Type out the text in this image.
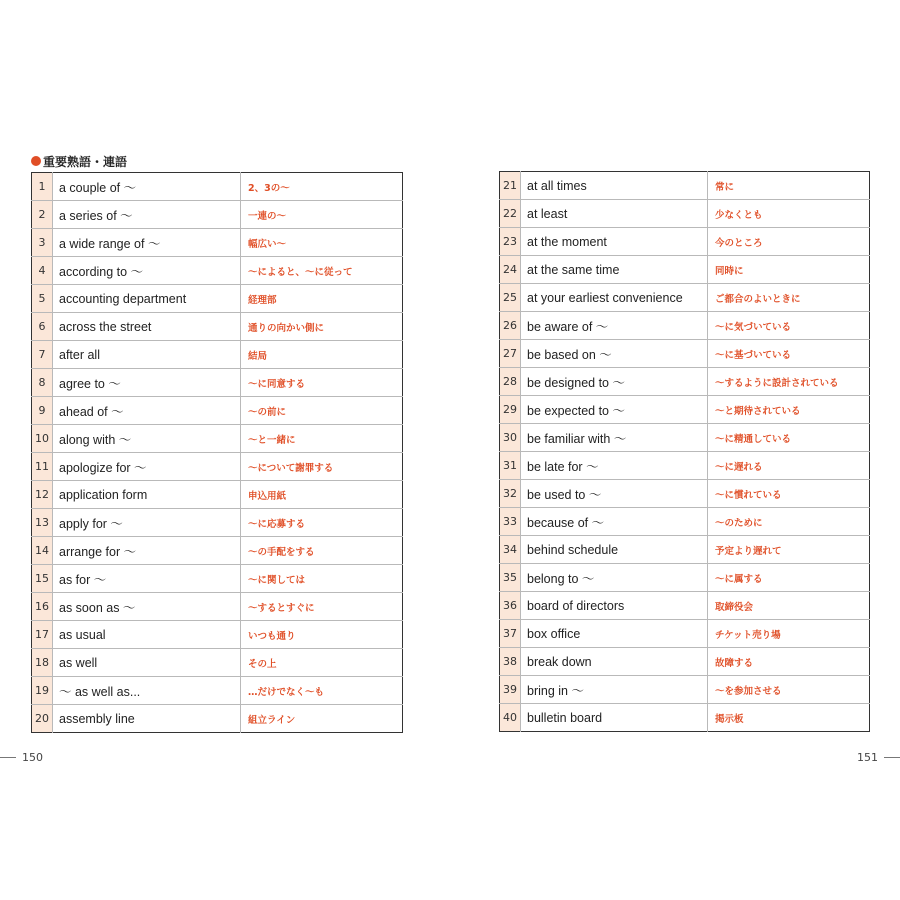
重要熟語・連語
1	a couple of ～	2、3の～
2	a series of ～	一連の～
3	a wide range of ～	幅広い～
4	according to ～	～によると、～に従って
5	accounting department	経理部
6	across the street	通りの向かい側に
7	after all	結局
8	agree to ～	～に同意する
9	ahead of ～	～の前に
10	along with ～	～と一緒に
11	apologize for ～	～について謝罪する
12	application form	申込用紙
13	apply for ～	～に応募する
14	arrange for ～	～の手配をする
15	as for ～	～に関しては
16	as soon as ～	～するとすぐに
17	as usual	いつも通り
18	as well	その上
19	～ as well as...	…だけでなく～も
20	assembly line	組立ライン
21	at all times	常に
22	at least	少なくとも
23	at the moment	今のところ
24	at the same time	同時に
25	at your earliest convenience	ご都合のよいときに
26	be aware of ～	～に気づいている
27	be based on ～	～に基づいている
28	be designed to ～	～するように設計されている
29	be expected to ～	～と期待されている
30	be familiar with ～	～に精通している
31	be late for ～	～に遅れる
32	be used to ～	～に慣れている
33	because of ～	～のために
34	behind schedule	予定より遅れて
35	belong to ～	～に属する
36	board of directors	取締役会
37	box office	チケット売り場
38	break down	故障する
39	bring in ～	～を参加させる
40	bulletin board	掲示板
150	151
